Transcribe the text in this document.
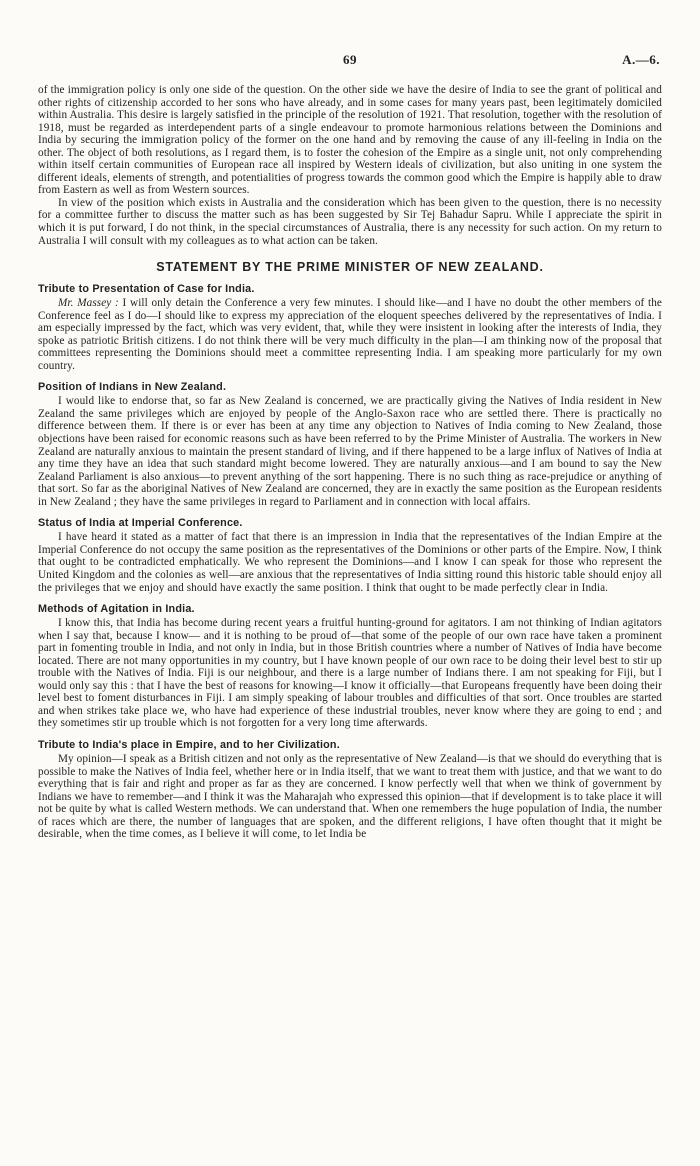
69	A.—6.

of the immigration policy is only one side of the question. On the other side we have the desire of India to see the grant of political and other rights of citizenship accorded to her sons who have already, and in some cases for many years past, been legitimately domiciled within Australia. This desire is largely satisfied in the principle of the resolution of 1921. That resolution, together with the resolution of 1918, must be regarded as interdependent parts of a single endeavour to promote harmonious relations between the Dominions and India by securing the immigration policy of the former on the one hand and by removing the cause of any ill-feeling in India on the other. The object of both resolutions, as I regard them, is to foster the cohesion of the Empire as a single unit, not only comprehending within itself certain communities of European race all inspired by Western ideals of civilization, but also uniting in one system the different ideals, elements of strength, and potentialities of progress towards the common good which the Empire is happily able to draw from Eastern as well as from Western sources.

In view of the position which exists in Australia and the consideration which has been given to the question, there is no necessity for a committee further to discuss the matter such as has been suggested by Sir Tej Bahadur Sapru. While I appreciate the spirit in which it is put forward, I do not think, in the special circumstances of Australia, there is any necessity for such action. On my return to Australia I will consult with my colleagues as to what action can be taken.

STATEMENT BY THE PRIME MINISTER OF NEW ZEALAND.
Tribute to Presentation of Case for India.

Mr. Massey : I will only detain the Conference a very few minutes. I should like—and I have no doubt the other members of the Conference feel as I do—I should like to express my appreciation of the eloquent speeches delivered by the representatives of India. I am especially impressed by the fact, which was very evident, that, while they were insistent in looking after the interests of India, they spoke as patriotic British citizens. I do not think there will be very much difficulty in the plan—I am thinking now of the proposal that committees representing the Dominions should meet a committee representing India. I am speaking more particularly for my own country.

Position of Indians in New Zealand.

I would like to endorse that, so far as New Zealand is concerned, we are practically giving the Natives of India resident in New Zealand the same privileges which are enjoyed by people of the Anglo-Saxon race who are settled there. There is practically no difference between them. If there is or ever has been at any time any objection to Natives of India coming to New Zealand, those objections have been raised for economic reasons such as have been referred to by the Prime Minister of Australia. The workers in New Zealand are naturally anxious to maintain the present standard of living, and if there happened to be a large influx of Natives of India at any time they have an idea that such standard might become lowered. They are naturally anxious—and I am bound to say the New Zealand Parliament is also anxious—to prevent anything of the sort happening. There is no such thing as race-prejudice or anything of that sort. So far as the aboriginal Natives of New Zealand are concerned, they are in exactly the same position as the European residents in New Zealand ; they have the same privileges in regard to Parliament and in connection with local affairs.

Status of India at Imperial Conference.

I have heard it stated as a matter of fact that there is an impression in India that the representatives of the Indian Empire at the Imperial Conference do not occupy the same position as the representatives of the Dominions or other parts of the Empire. Now, I think that ought to be contradicted emphatically. We who represent the Dominions—and I know I can speak for those who represent the United Kingdom and the colonies as well—are anxious that the representatives of India sitting round this historic table should enjoy all the privileges that we enjoy and should have exactly the same position. I think that ought to be made perfectly clear in India.

Methods of Agitation in India.

I know this, that India has become during recent years a fruitful hunting-ground for agitators. I am not thinking of Indian agitators when I say that, because I know— and it is nothing to be proud of—that some of the people of our own race have taken a prominent part in fomenting trouble in India, and not only in India, but in those British countries where a number of Natives of India have become located. There are not many opportunities in my country, but I have known people of our own race to be doing their level best to stir up trouble with the Natives of India. Fiji is our neighbour, and there is a large number of Indians there. I am not speaking for Fiji, but I would only say this : that I have the best of reasons for knowing—I know it officially—that Europeans frequently have been doing their level best to foment disturbances in Fiji. I am simply speaking of labour troubles and difficulties of that sort. Once troubles are started and when strikes take place we, who have had experience of these industrial troubles, never know where they are going to end ; and they sometimes stir up trouble which is not forgotten for a very long time afterwards.

Tribute to India's place in Empire, and to her Civilization.

My opinion—I speak as a British citizen and not only as the representative of New Zealand—is that we should do everything that is possible to make the Natives of India feel, whether here or in India itself, that we want to treat them with justice, and that we want to do everything that is fair and right and proper as far as they are concerned. I know perfectly well that when we think of government by Indians we have to remember—and I think it was the Maharajah who expressed this opinion—that if development is to take place it will not be quite by what is called Western methods. We can understand that. When one remembers the huge population of India, the number of races which are there, the number of languages that are spoken, and the different religions, I have often thought that it might be desirable, when the time comes, as I believe it will come, to let India be
